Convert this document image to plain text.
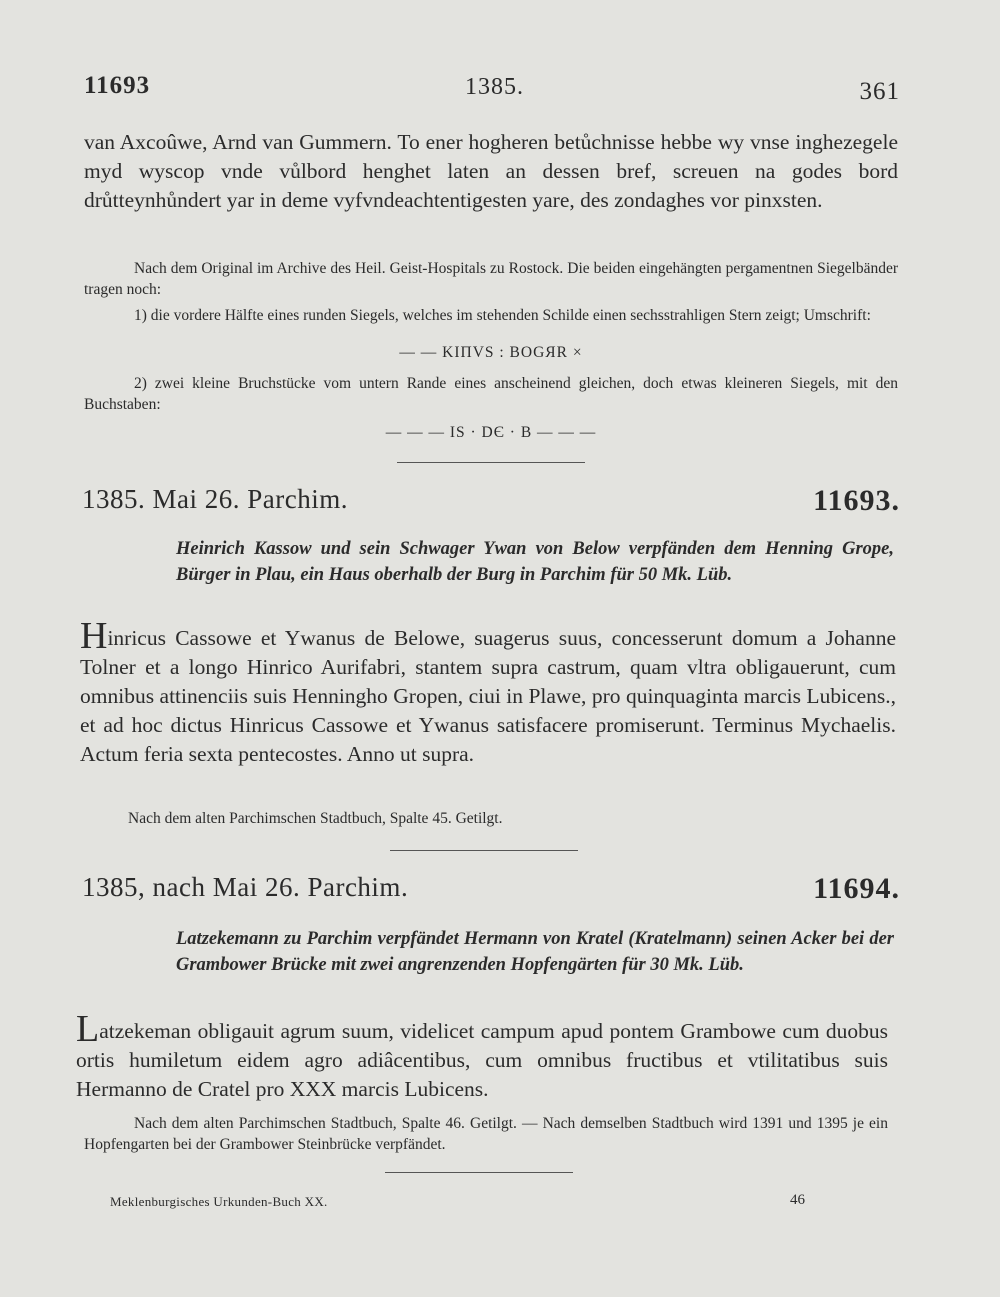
11693	1385.	361
van Axcoûwe, Arnd van Gummern. To ener hogheren betůchnisse hebbe wy vnse inghezegele myd wyscop vnde vůlbord henghet laten an dessen bref, screuen na godes bord drůtteynhůndert yar in deme vyfvndeachtentigesten yare, des zondaghes vor pinxsten.

Nach dem Original im Archive des Heil. Geist-Hospitals zu Rostock. Die beiden eingehängten pergamentnen Siegelbänder tragen noch:

1) die vordere Hälfte eines runden Siegels, welches im stehenden Schilde einen sechsstrahligen Stern zeigt; Umschrift:

— — KIПVS : BOGЯR ×

2) zwei kleine Bruchstücke vom untern Rande eines anscheinend gleichen, doch etwas kleineren Siegels, mit den Buchstaben:

— — — IS · DЄ · B — — —
1385. Mai 26. Parchim.	11693.
Heinrich Kassow und sein Schwager Ywan von Below verpfänden dem Henning Grope, Bürger in Plau, ein Haus oberhalb der Burg in Parchim für 50 Mk. Lüb.
Hinricus Cassowe et Ywanus de Belowe, suagerus suus, concesserunt domum a Johanne Tolner et a longo Hinrico Aurifabri, stantem supra castrum, quam vltra obligauerunt, cum omnibus attinenciis suis Henningho Gropen, ciui in Plawe, pro quinquaginta marcis Lubicens., et ad hoc dictus Hinricus Cassowe et Ywanus satisfacere promiserunt. Terminus Mychaelis. Actum feria sexta pentecostes. Anno ut supra.
Nach dem alten Parchimschen Stadtbuch, Spalte 45. Getilgt.
1385, nach Mai 26. Parchim.	11694.
Latzekemann zu Parchim verpfändet Hermann von Kratel (Kratelmann) seinen Acker bei der Grambower Brücke mit zwei angrenzenden Hopfengärten für 30 Mk. Lüb.
Latzekeman obligauit agrum suum, videlicet campum apud pontem Grambowe cum duobus ortis humiletum eidem agro adiâcentibus, cum omnibus fructibus et vtilitatibus suis Hermanno de Cratel pro XXX marcis Lubicens.

Nach dem alten Parchimschen Stadtbuch, Spalte 46. Getilgt. — Nach demselben Stadtbuch wird 1391 und 1395 je ein Hopfengarten bei der Grambower Steinbrücke verpfändet.

Meklenburgisches Urkunden-Buch XX.	46
